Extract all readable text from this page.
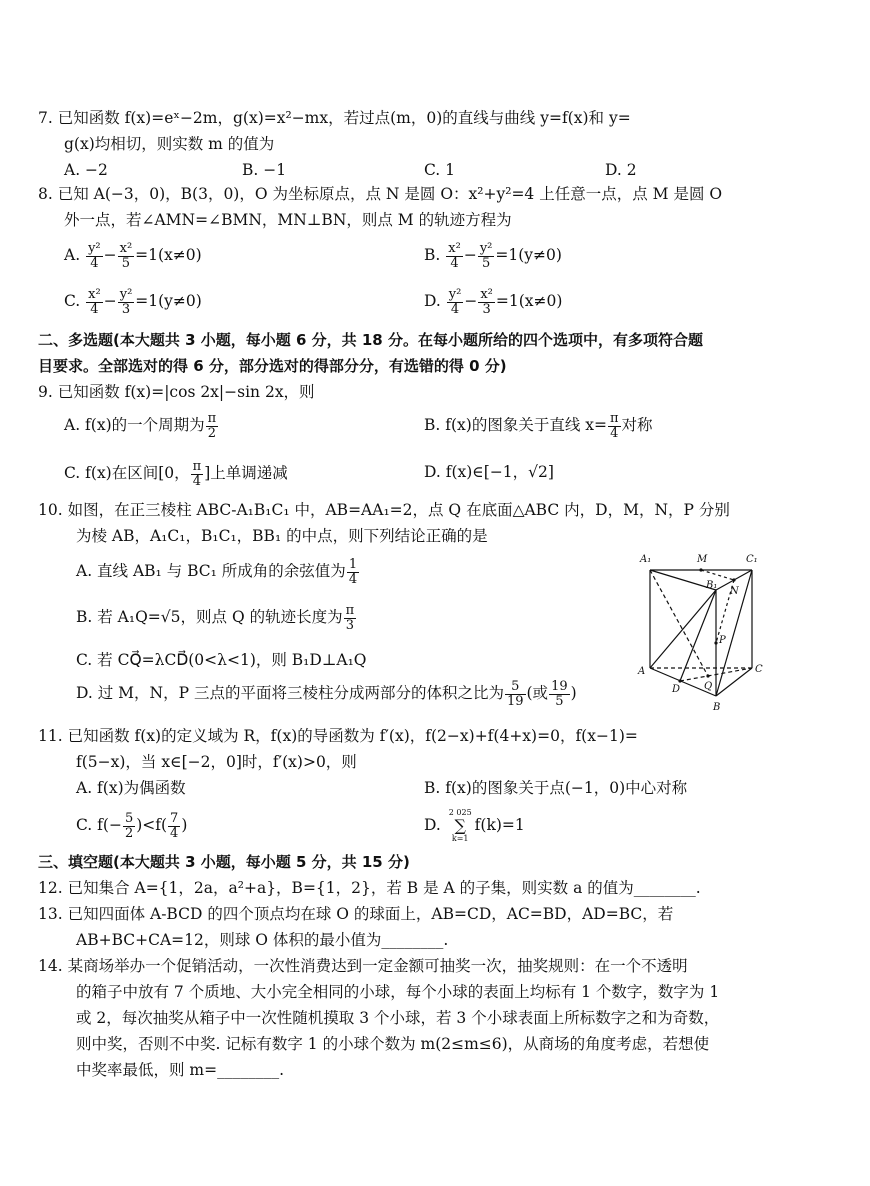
7. 已知函数 f(x)=eˣ−2m，g(x)=x²−mx，若过点(m，0)的直线与曲线 y=f(x)和 y=
g(x)均相切，则实数 m 的值为
A. −2	B. −1	C. 1	D. 2
8. 已知 A(−3，0)，B(3，0)，O 为坐标原点，点 N 是圆 O：x²+y²=4 上任意一点，点 M 是圆 O
外一点，若∠AMN=∠BMN，MN⊥BN，则点 M 的轨迹方程为
A. $\frac{\text{y²}}{4} - \frac{\text{x²}}{5} =1(x\ne 0)$	B. $\frac{\text{x²}}{4} - \frac{\text{y²}}{5} =1(y\ne 0)$
C. $\frac{\text{x²}}{4} - \frac{\text{y²}}{3} =1(y\ne 0)$	D. $\frac{\text{y²}}{4} - \frac{\text{x²}}{3} =1(x\ne 0)$
二、多选题(本大题共 3 小题，每小题 6 分，共 18 分。在每小题所给的四个选项中，有多项符合题
目要求。全部选对的得 6 分，部分选对的得部分分，有选错的得 0 分)
9. 已知函数 f(x)=|cos 2x|−sin 2x，则
A. f(x)的一个周期为 $\frac{\pi}{2}$	B. f(x)的图象关于直线 $x= \frac{\pi}{4}$ 对称
C. f(x)在区间[0， $\frac{\pi}{4}$ ]上单调递减	D. f(x)∈[−1，√2]
10. 如图，在正三棱柱 ABC-A₁B₁C₁ 中，AB=AA₁=2，点 Q 在底面△ABC 内，D，M，N，P 分别
为棱 AB，A₁C₁，B₁C₁，BB₁ 的中点，则下列结论正确的是
A. 直线 AB₁ 与 BC₁ 所成角的余弦值为 $\frac{1}{4}$
B. 若 A₁Q=√5，则点 Q 的轨迹长度为 $\frac{\pi}{3}$
C. 若 CQ⃗=λCD⃗(0<λ<1)，则 B₁D⊥A₁Q
D. 过 M，N，P 三点的平面将三棱柱分成两部分的体积之比为 $\frac{5}{19}$ (或 $\frac{19}{5}$ )
A₁	M	C₁
B₁
N
P
A	C
D Q
B
11. 已知函数 f(x)的定义域为 R，f(x)的导函数为 f′(x)，f(2−x)+f(4+x)=0，f(x−1)=
f(5−x)，当 x∈[−2，0]时，f′(x)>0，则
A. f(x)为偶函数	B. f(x)的图象关于点(−1，0)中心对称
C. $f(- \frac{5}{2} )<f( \frac{7}{4}$ )	D.
2 025
∑
k=1
f(k)=1
三、填空题(本大题共 3 小题，每小题 5 分，共 15 分)
12. 已知集合 A={1，2a，a²+a}，B={1，2}，若 B 是 A 的子集，则实数 a 的值为________.
13. 已知四面体 A-BCD 的四个顶点均在球 O 的球面上，AB=CD，AC=BD，AD=BC，若
AB+BC+CA=12，则球 O 体积的最小值为________.
14. 某商场举办一个促销活动，一次性消费达到一定金额可抽奖一次，抽奖规则：在一个不透明
的箱子中放有 7 个质地、大小完全相同的小球，每个小球的表面上均标有 1 个数字，数字为 1
或 2，每次抽奖从箱子中一次性随机摸取 3 个小球，若 3 个小球表面上所标数字之和为奇数，
则中奖，否则不中奖. 记标有数字 1 的小球个数为 m(2≤m≤6)，从商场的角度考虑，若想使
中奖率最低，则 m=________.
